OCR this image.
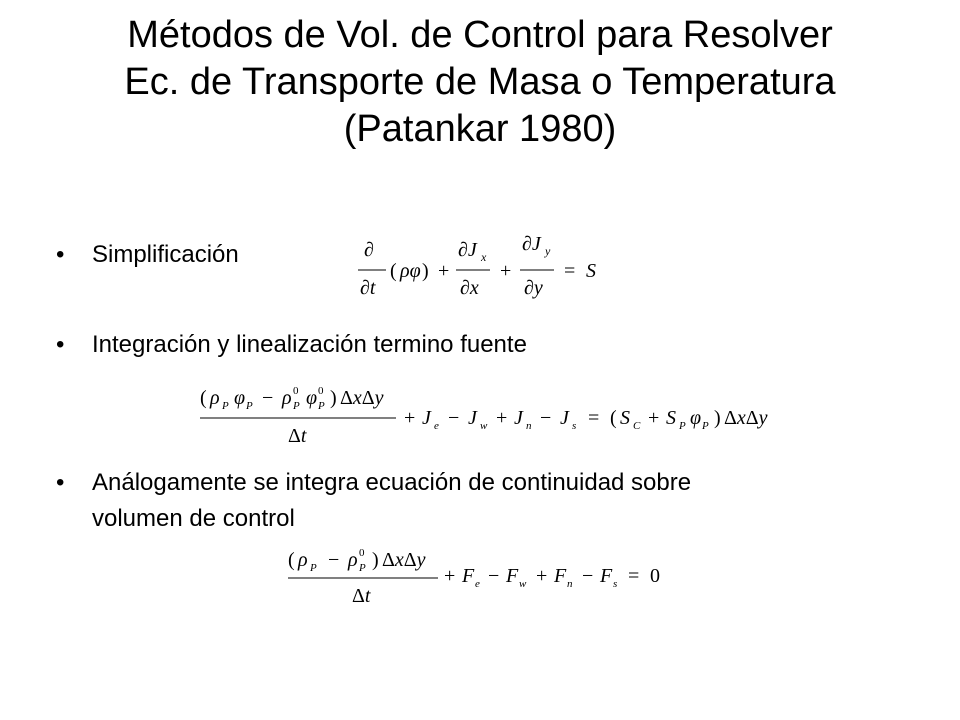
Métodos de Vol. de Control para Resolver
Ec. de Transporte de Masa o Temperatura
(Patankar 1980)
• Simplificación	∂
∂t
( ρφ ) +
∂J x
∂x
+
∂J y
∂y
= S
• Integración y linealización termino fuente
( ρ P φ P − ρ 0
P φ 0
P ) ΔxΔy
Δt
+ J e − J w + J n − J s = ( S C + S P φ P ) ΔxΔy
• Análogamente se integra ecuación de continuidad sobre
volumen de control
( ρ P − ρ 0
P ) ΔxΔy
Δt
+ F e − F w + F n − F s = 0
